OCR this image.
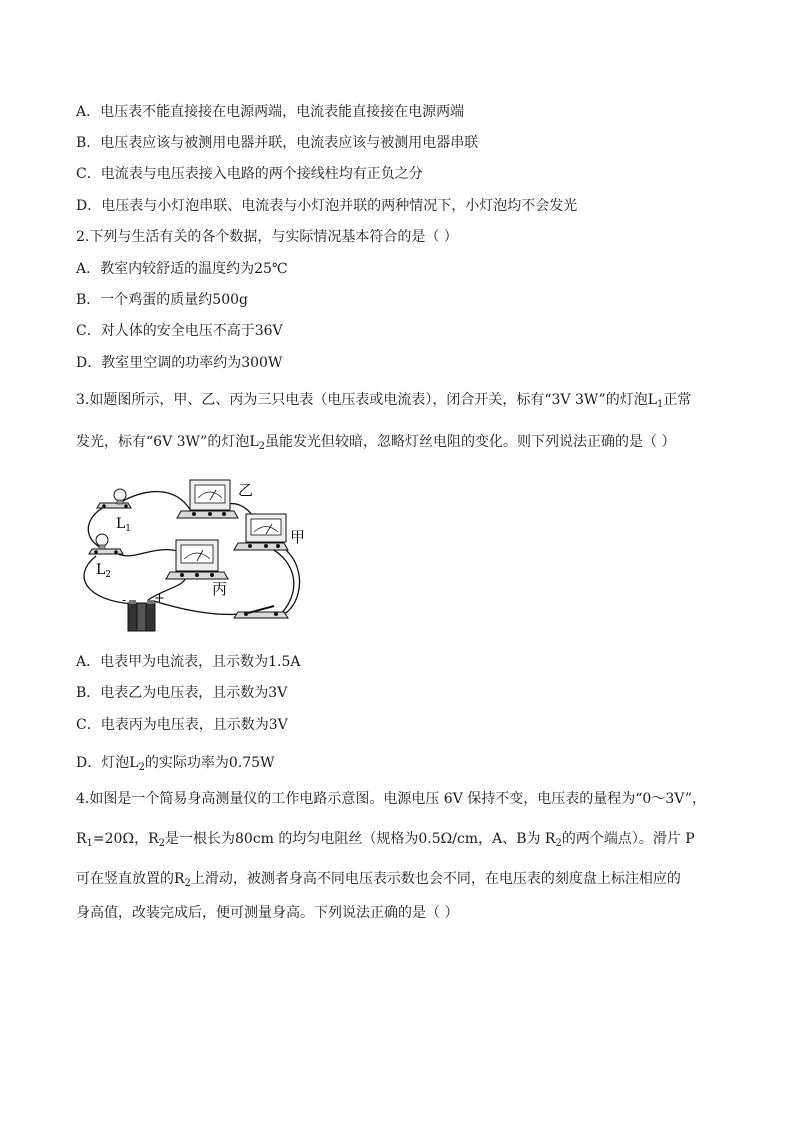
A．电压表不能直接接在电源两端，电流表能直接接在电源两端
B．电压表应该与被测用电器并联，电流表应该与被测用电器串联
C．电流表与电压表接入电路的两个接线柱均有正负之分
D．电压表与小灯泡串联、电流表与小灯泡并联的两种情况下，小灯泡均不会发光
2.下列与生活有关的各个数据，与实际情况基本符合的是（ ）
A．教室内较舒适的温度约为25℃
B．一个鸡蛋的质量约500g
C．对人体的安全电压不高于36V
D．教室里空调的功率约为300W
3.如题图所示，甲、乙、丙为三只电表（电压表或电流表），闭合开关，标有“3V 3W”的灯泡$L_1$正常
发光，标有“6V 3W”的灯泡$L_2$虽能发光但较暗，忽略灯丝电阻的变化。则下列说法正确的是（ ）
乙
甲
丙
$L_1$
$L_2$
- +
A．电表甲为电流表，且示数为1.5A
B．电表乙为电压表，且示数为3V
C．电表丙为电压表，且示数为3V
D．灯泡$L_2$的实际功率为0.75W
4.如图是一个简易身高测量仪的工作电路示意图。电源电压 6V 保持不变，电压表的量程为“0～3V”，
$R_1=20\Omega$，$R_2$是一根长为80cm 的均匀电阻丝（规格为0.5Ω/cm，A、B为 $R_2$的两个端点）。滑片 P
可在竖直放置的$R_2$上滑动，被测者身高不同电压表示数也会不同，在电压表的刻度盘上标注相应的
身高值，改装完成后，便可测量身高。下列说法正确的是（ ）
